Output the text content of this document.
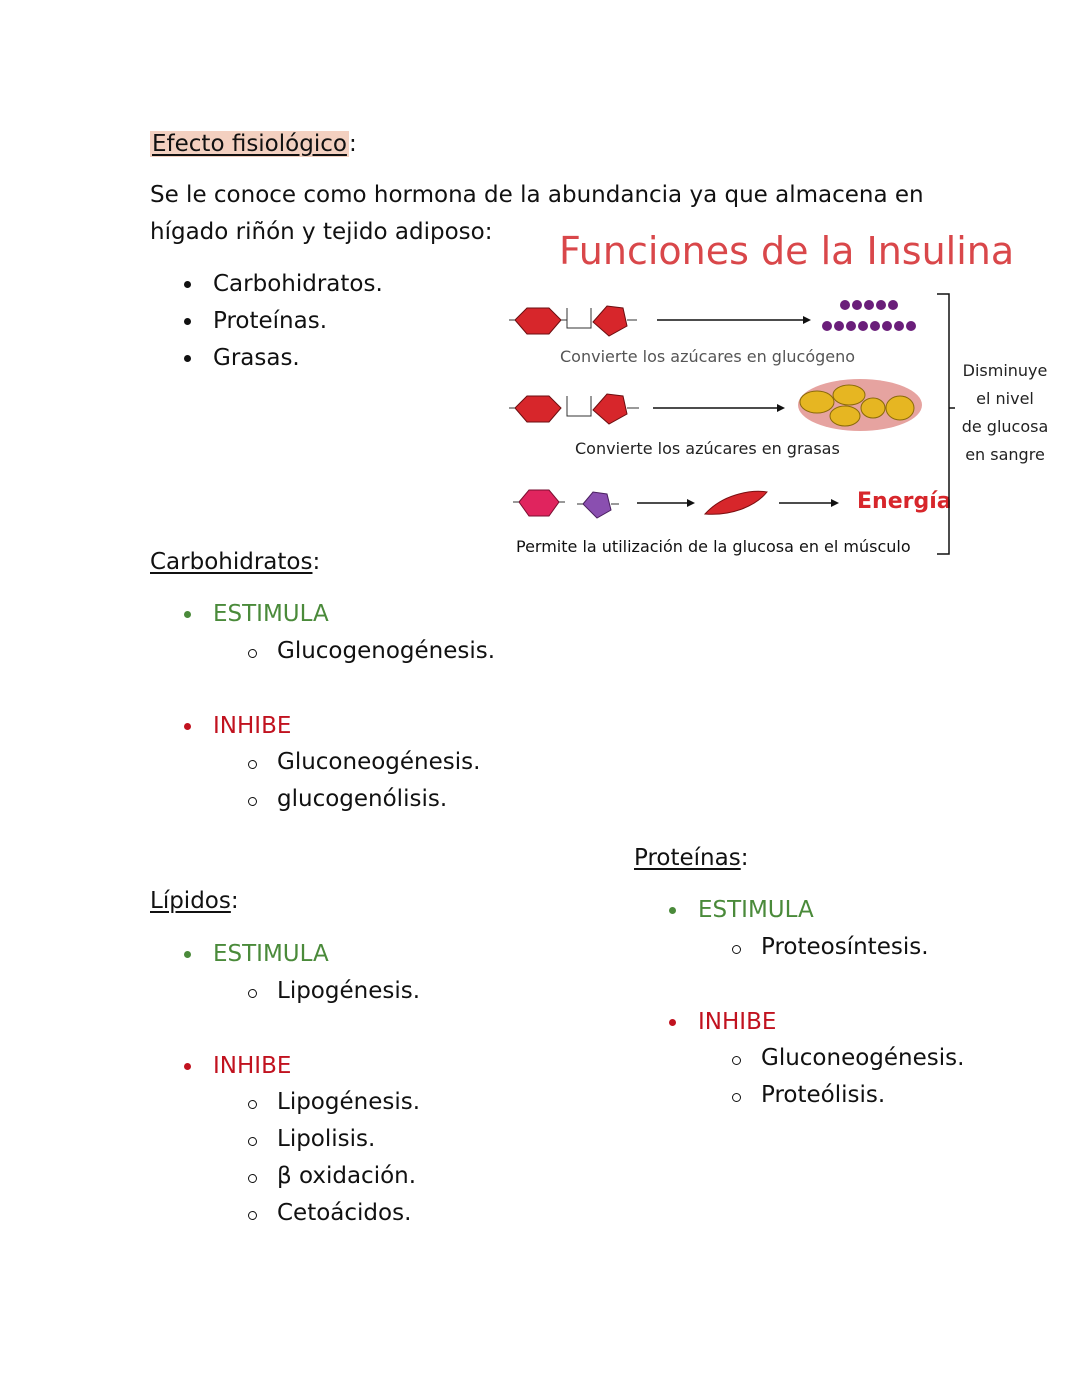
Efecto fisiológico:
Se le conoce como hormona de la abundancia ya que almacena en
hígado riñón y tejido adiposo:
Carbohidratos.
Proteínas.
Grasas.
Funciones de la Insulina
Convierte los azúcares en glucógeno
Convierte los azúcares en grasas
Energía
Permite la utilización de la glucosa en el músculo
Disminuye
el nivel
de glucosa
en sangre
Carbohidratos:
ESTIMULA
Glucogenogénesis.
INHIBE
Gluconeogénesis.
glucogenólisis.
Lípidos:
ESTIMULA
Lipogénesis.
INHIBE
Lipogénesis.
Lipolisis.
β oxidación.
Cetoácidos.
Proteínas:
ESTIMULA
Proteosíntesis.
INHIBE
Gluconeogénesis.
Proteólisis.
